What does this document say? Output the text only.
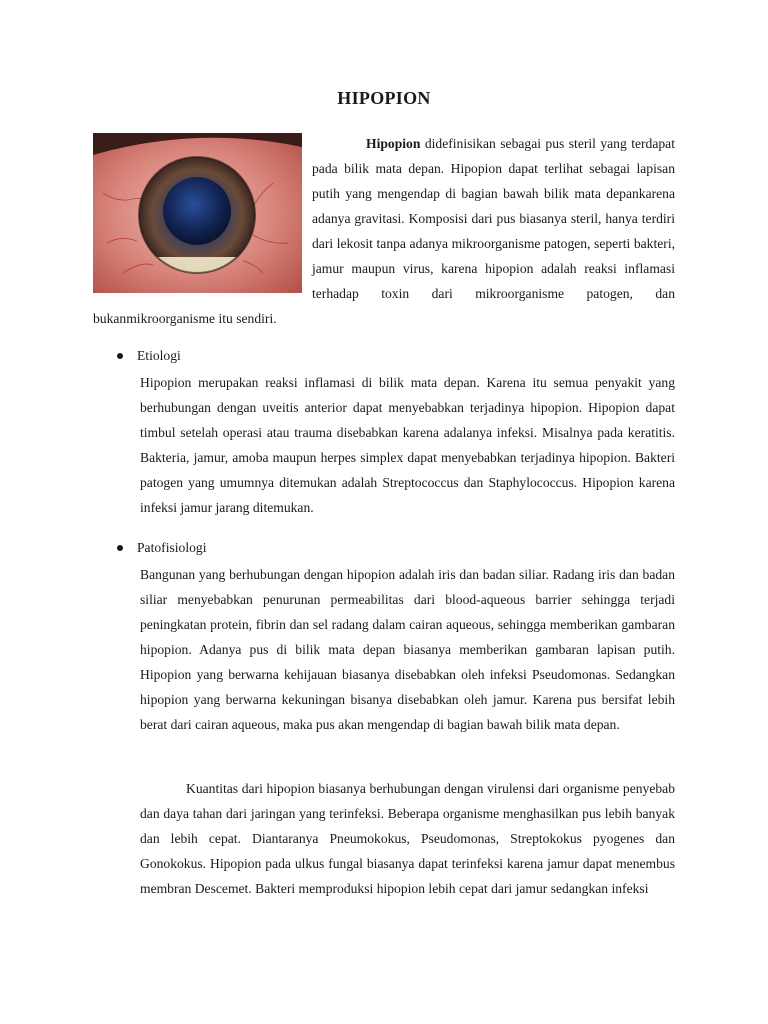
HIPOPION

Hipopion didefinisikan sebagai pus steril yang terdapat pada bilik mata depan. Hipopion dapat terlihat sebagai lapisan putih yang mengendap di bagian bawah bilik mata depankarena adanya gravitasi. Komposisi dari pus biasanya steril, hanya terdiri dari lekosit tanpa adanya mikroorganisme patogen, seperti bakteri, jamur maupun virus, karena hipopion adalah reaksi inflamasi terhadap toxin dari mikroorganisme patogen, dan bukanmikroorganisme itu sendiri.

Etiologi

Hipopion merupakan reaksi inflamasi di bilik mata depan. Karena itu semua penyakit yang berhubungan dengan uveitis anterior dapat menyebabkan terjadinya hipopion. Hipopion dapat timbul setelah operasi atau trauma disebabkan karena adalanya infeksi. Misalnya pada keratitis. Bakteria, jamur, amoba maupun herpes simplex dapat menyebabkan terjadinya hipopion. Bakteri patogen yang umumnya ditemukan adalah Streptococcus dan Staphylococcus. Hipopion karena infeksi jamur jarang ditemukan.

Patofisiologi

Bangunan yang berhubungan dengan hipopion adalah iris dan badan siliar. Radang iris dan badan siliar menyebabkan penurunan permeabilitas dari blood-aqueous barrier sehingga terjadi peningkatan protein, fibrin dan sel radang dalam cairan aqueous, sehingga memberikan gambaran hipopion. Adanya pus di bilik mata depan biasanya memberikan gambaran lapisan putih. Hipopion yang berwarna kehijauan biasanya disebabkan oleh infeksi Pseudomonas. Sedangkan hipopion yang berwarna kekuningan bisanya disebabkan oleh jamur. Karena pus bersifat lebih berat dari cairan aqueous, maka pus akan mengendap di bagian bawah bilik mata depan.

Kuantitas dari hipopion biasanya berhubungan dengan virulensi dari organisme penyebab dan daya tahan dari jaringan yang terinfeksi. Beberapa organisme menghasilkan pus lebih banyak dan lebih cepat. Diantaranya Pneumokokus, Pseudomonas, Streptokokus pyogenes dan Gonokokus. Hipopion pada ulkus fungal biasanya dapat terinfeksi karena jamur dapat menembus membran Descemet. Bakteri memproduksi hipopion lebih cepat dari jamur sedangkan infeksi
